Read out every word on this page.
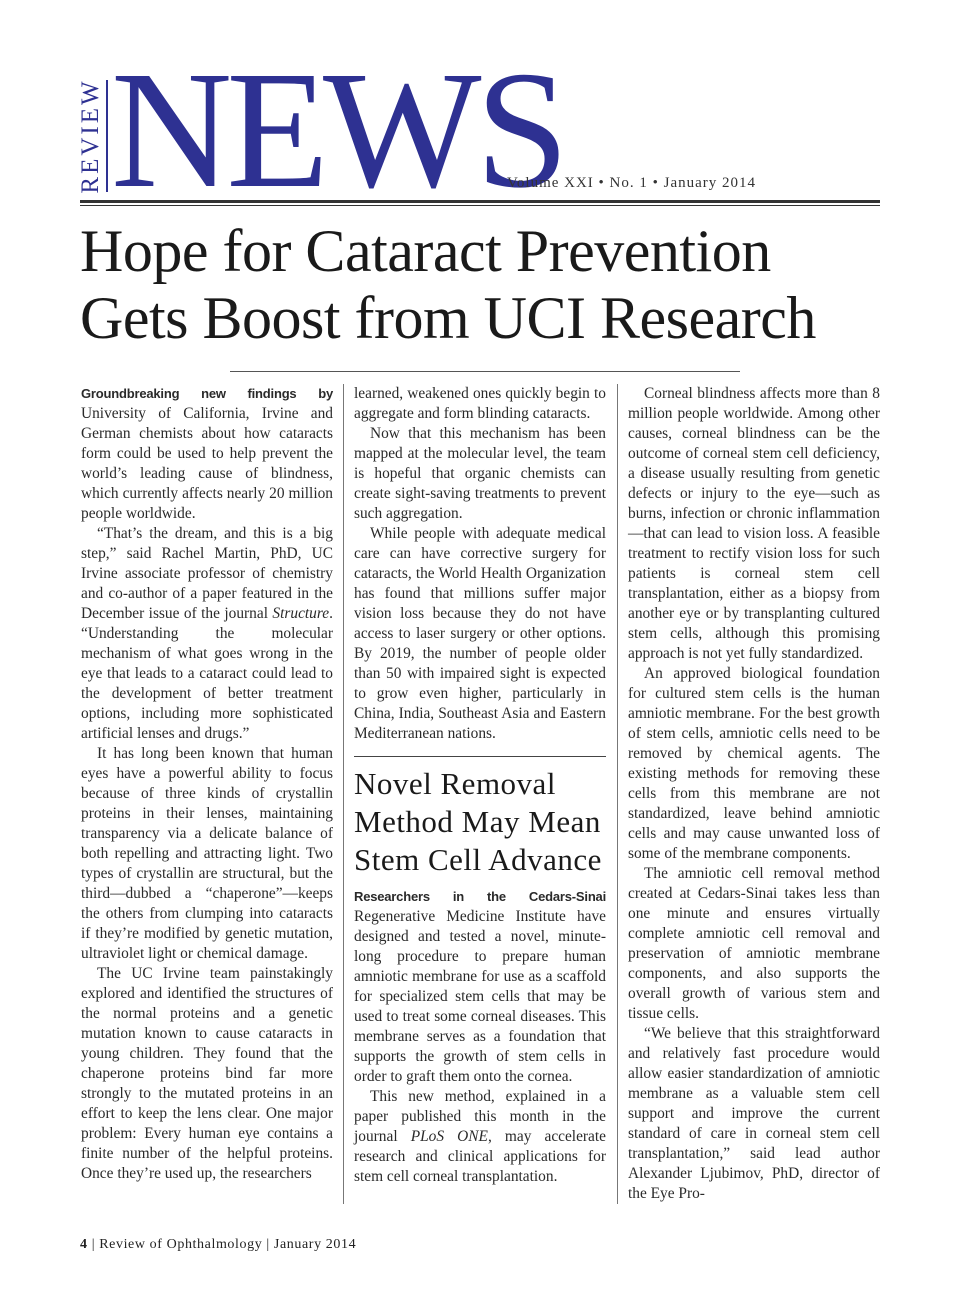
REVIEW NEWS
Volume XXI • No. 1 • January 2014
Hope for Cataract Prevention
Gets Boost from UCI Research

Groundbreaking new findings by University of California, Irvine and German chemists about how cataracts form could be used to help prevent the world’s leading cause of blindness, which currently affects nearly 20 million people worldwide.

“That’s the dream, and this is a big step,” said Rachel Martin, PhD, UC Irvine associate professor of chemistry and co-author of a paper featured in the December issue of the journal Structure. “Understanding the molecular mechanism of what goes wrong in the eye that leads to a cataract could lead to the development of better treatment options, including more sophisticated artificial lenses and drugs.”

It has long been known that human eyes have a powerful ability to focus because of three kinds of crystallin proteins in their lenses, maintaining transparency via a delicate balance of both repelling and attracting light. Two types of crystallin are structural, but the third—dubbed a “chaperone”—keeps the others from clumping into cataracts if they’re modified by genetic mutation, ultraviolet light or chemical damage.

The UC Irvine team painstakingly explored and identified the structures of the normal proteins and a genetic mutation known to cause cataracts in young children. They found that the chaperone proteins bind far more strongly to the mutated proteins in an effort to keep the lens clear. One major problem: Every human eye contains a finite number of the helpful proteins. Once they’re used up, the researchers

learned, weakened ones quickly begin to aggregate and form blinding cataracts.

Now that this mechanism has been mapped at the molecular level, the team is hopeful that organic chemists can create sight-saving treatments to prevent such aggregation.

While people with adequate medical care can have corrective surgery for cataracts, the World Health Organization has found that millions suffer major vision loss because they do not have access to laser surgery or other options. By 2019, the number of people older than 50 with impaired sight is expected to grow even higher, particularly in China, India, Southeast Asia and Eastern Mediterranean nations.

Novel Removal Method May Mean Stem Cell Advance

Researchers in the Cedars-Sinai Regenerative Medicine Institute have designed and tested a novel, minute-long procedure to prepare human amniotic membrane for use as a scaffold for specialized stem cells that may be used to treat some corneal diseases. This membrane serves as a foundation that supports the growth of stem cells in order to graft them onto the cornea.

This new method, explained in a paper published this month in the journal PLoS ONE, may accelerate research and clinical applications for stem cell corneal transplantation.

Corneal blindness affects more than 8 million people worldwide. Among other causes, corneal blindness can be the outcome of corneal stem cell deficiency, a disease usually resulting from genetic defects or injury to the eye—such as burns, infection or chronic inflammation—that can lead to vision loss. A feasible treatment to rectify vision loss for such patients is corneal stem cell transplantation, either as a biopsy from another eye or by transplanting cultured stem cells, although this promising approach is not yet fully standardized.

An approved biological foundation for cultured stem cells is the human amniotic membrane. For the best growth of stem cells, amniotic cells need to be removed by chemical agents. The existing methods for removing these cells from this membrane are not standardized, leave behind amniotic cells and may cause unwanted loss of some of the membrane components.

The amniotic cell removal method created at Cedars-Sinai takes less than one minute and ensures virtually complete amniotic cell removal and preservation of amniotic membrane components, and also supports the overall growth of various stem and tissue cells.

“We believe that this straightforward and relatively fast procedure would allow easier standardization of amniotic membrane as a valuable stem cell support and improve the current standard of care in corneal stem cell transplantation,” said lead author Alexander Ljubimov, PhD, director of the Eye Pro-

4 | Review of Ophthalmology | January 2014
